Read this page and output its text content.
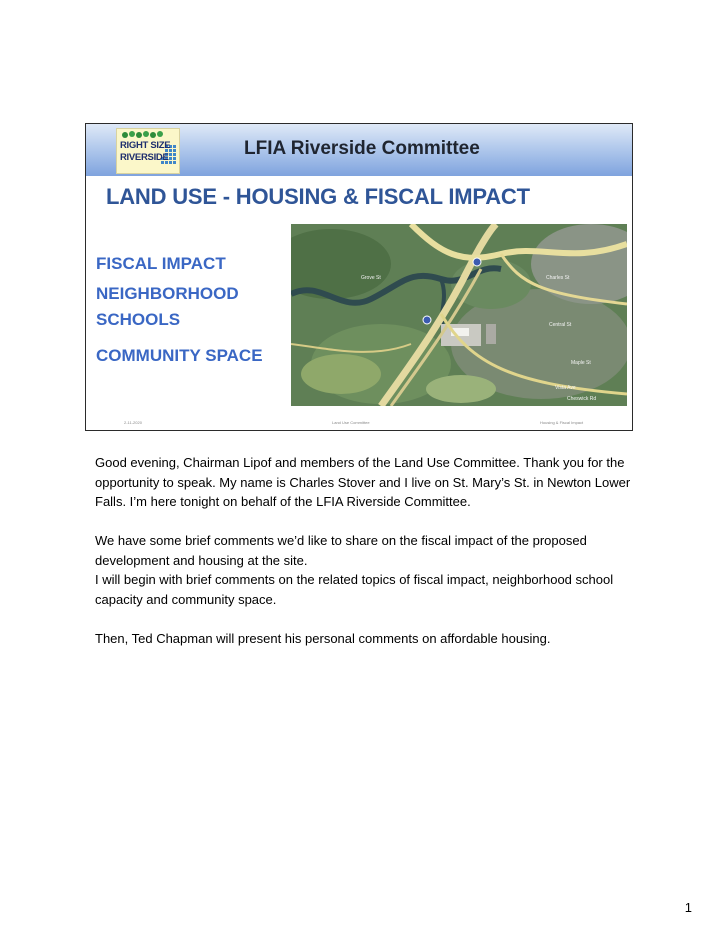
RIGHT SIZE
RIVERSIDE	LFIA Riverside Committee
LAND USE - HOUSING & FISCAL IMPACT
FISCAL IMPACT
NEIGHBORHOOD
SCHOOLS
COMMUNITY SPACE
Central St
Maple St
Vista Ave
Cheswick Rd
Charles St
Grove St
2-11-2020	Land Use Committee	Housing & Fiscal Impact

Good evening, Chairman Lipof and members of the Land Use Committee. Thank you for the opportunity to speak. My name is Charles Stover and I live on St. Mary’s St. in Newton Lower Falls. I’m here tonight on behalf of the LFIA Riverside Committee.

We have some brief comments we’d like to share on the fiscal impact of the proposed development and housing at the site.

I will begin with brief comments on the related topics of fiscal impact, neighborhood school capacity and community space.

Then, Ted Chapman will present his personal comments on affordable housing.

1
